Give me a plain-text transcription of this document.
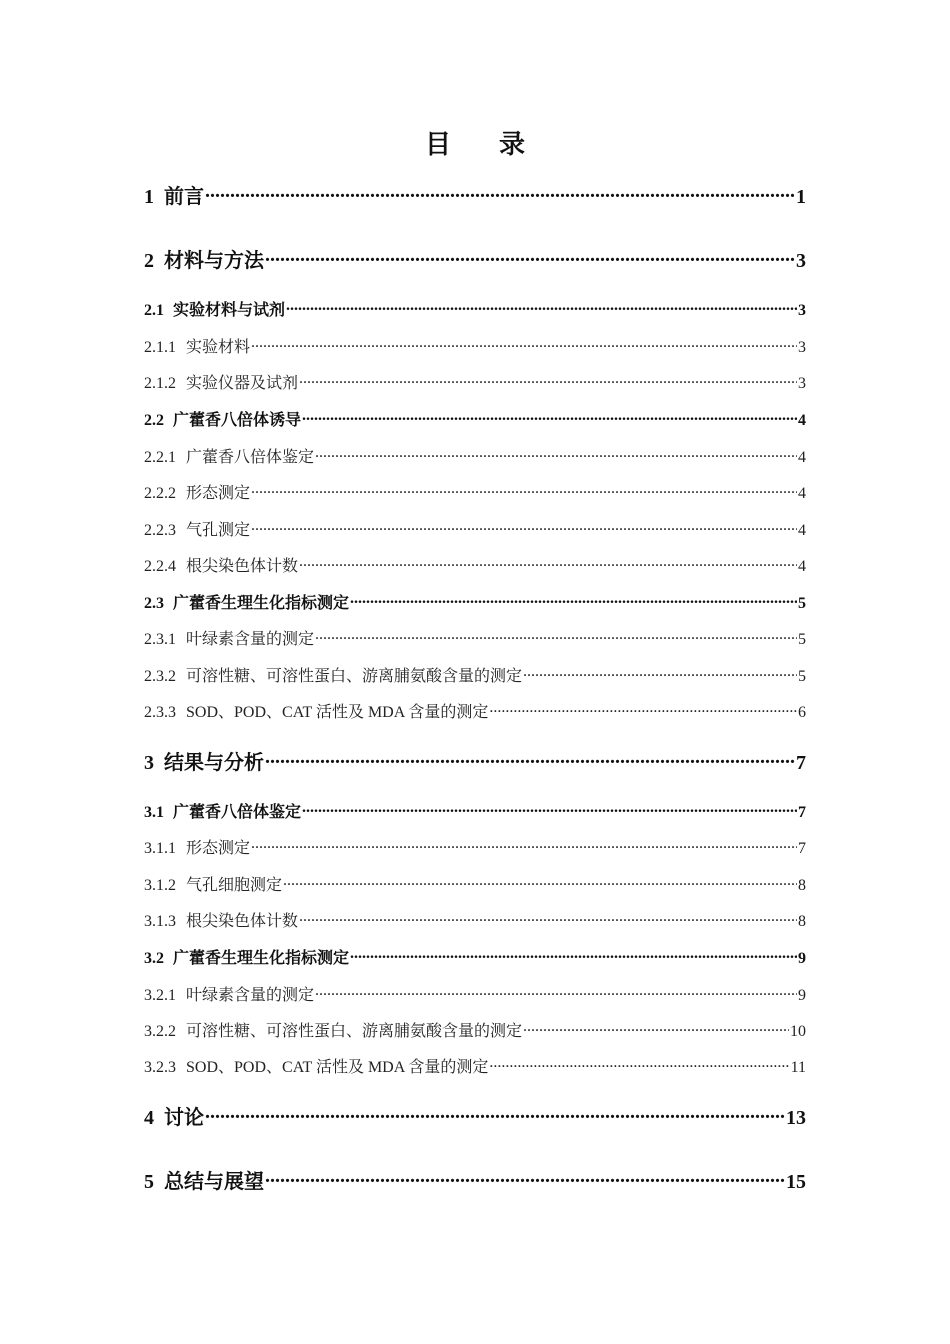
目 录
1 前言 .....	1
2 材料与方法 .....	3
2.1 实验材料与试剂 .....	3
2.1.1 实验材料 .....	3
2.1.2 实验仪器及试剂 .....	3
2.2 广藿香八倍体诱导 .....	4
2.2.1 广藿香八倍体鉴定 .....	4
2.2.2 形态测定 .....	4
2.2.3 气孔测定 .....	4
2.2.4 根尖染色体计数 .....	4
2.3 广藿香生理生化指标测定 .....	5
2.3.1 叶绿素含量的测定 .....	5
2.3.2 可溶性糖、可溶性蛋白、游离脯氨酸含量的测定 .....	5
2.3.3 SOD、POD、CAT 活性及 MDA 含量的测定 .....	6
3 结果与分析 .....	7
3.1 广藿香八倍体鉴定 .....	7
3.1.1 形态测定 .....	7
3.1.2 气孔细胞测定 .....	8
3.1.3 根尖染色体计数 .....	8
3.2 广藿香生理生化指标测定 .....	9
3.2.1 叶绿素含量的测定 .....	9
3.2.2 可溶性糖、可溶性蛋白、游离脯氨酸含量的测定 .....	10
3.2.3 SOD、POD、CAT 活性及 MDA 含量的测定 .....	11
4 讨论 .....	13
5 总结与展望 .....	15
